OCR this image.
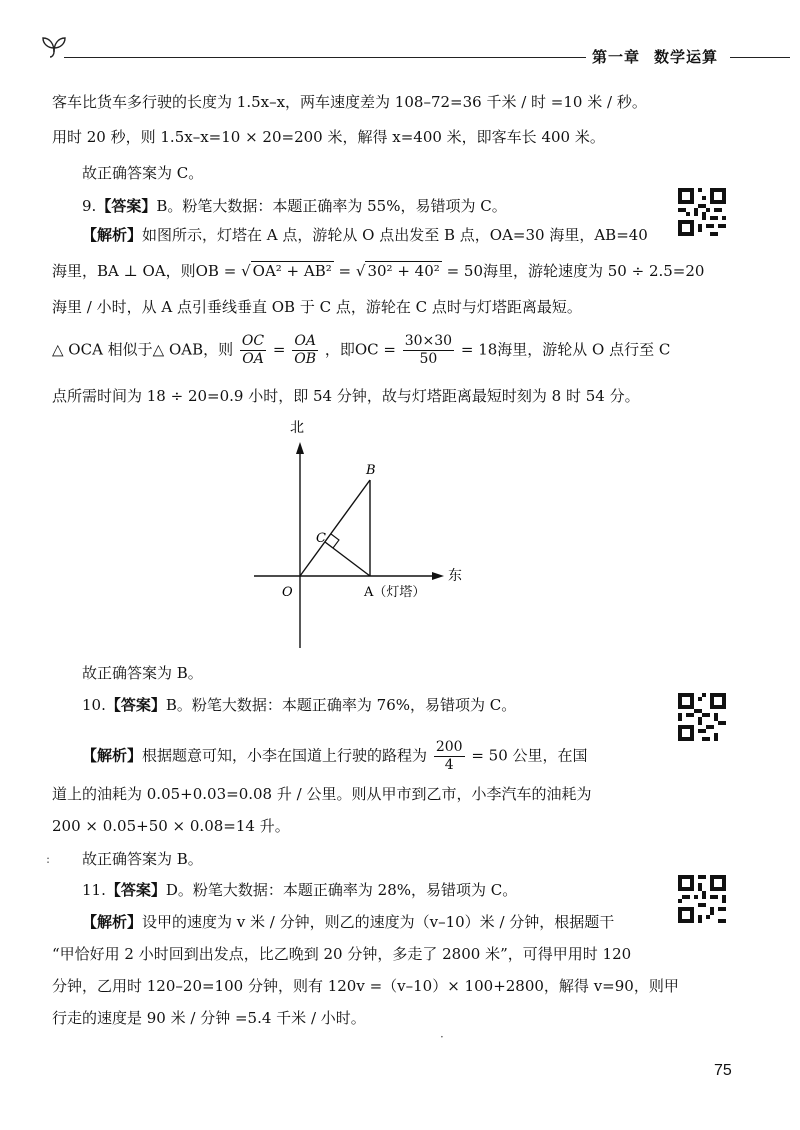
第一章 数学运算
客车比货车多行驶的长度为 1.5x–x，两车速度差为 108–72=36 千米 / 时 =10 米 / 秒。
用时 20 秒，则 1.5x–x=10 × 20=200 米，解得 x=400 米，即客车长 400 米。
故正确答案为 C。
9.【答案】B。粉笔大数据：本题正确率为 55%，易错项为 C。
【解析】如图所示，灯塔在 A 点，游轮从 O 点出发至 B 点，OA=30 海里，AB=40
海里，BA ⊥ OA，则OB = √ OA² + AB² = √ 30² + 40² = 50海里，游轮速度为 50 ÷ 2.5=20
海里 / 小时，从 A 点引垂线垂直 OB 于 C 点，游轮在 C 点时与灯塔距离最短。
△ OCA 相似于△ OAB，则 $\frac{OC}{OA} = \frac{OA}{OB}$ ，即OC = $\frac{30\times 30}{50} = 18$海里，游轮从 O 点行至 C
点所需时间为 18 ÷ 20=0.9 小时，即 54 分钟，故与灯塔距离最短时刻为 8 时 54 分。
北
东
O	A（灯塔）
B
C
故正确答案为 B。
10.【答案】B。粉笔大数据：本题正确率为 76%，易错项为 C。
【解析】根据题意可知，小李在国道上行驶的路程为 $\frac{200}{4} = 50$ 公里，在国
道上的油耗为 0.05+0.03=0.08 升 / 公里。则从甲市到乙市，小李汽车的油耗为
200 × 0.05+50 × 0.08=14 升。
: 故正确答案为 B。
11.【答案】D。粉笔大数据：本题正确率为 28%，易错项为 C。
【解析】设甲的速度为 v 米 / 分钟，则乙的速度为（v–10）米 / 分钟，根据题干
“甲恰好用 2 小时回到出发点，比乙晚到 20 分钟，多走了 2800 米”，可得甲用时 120
分钟，乙用时 120–20=100 分钟，则有 120v =（v–10）× 100+2800，解得 v=90，则甲
行走的速度是 90 米 / 分钟 =5.4 千米 / 小时。
·
75
